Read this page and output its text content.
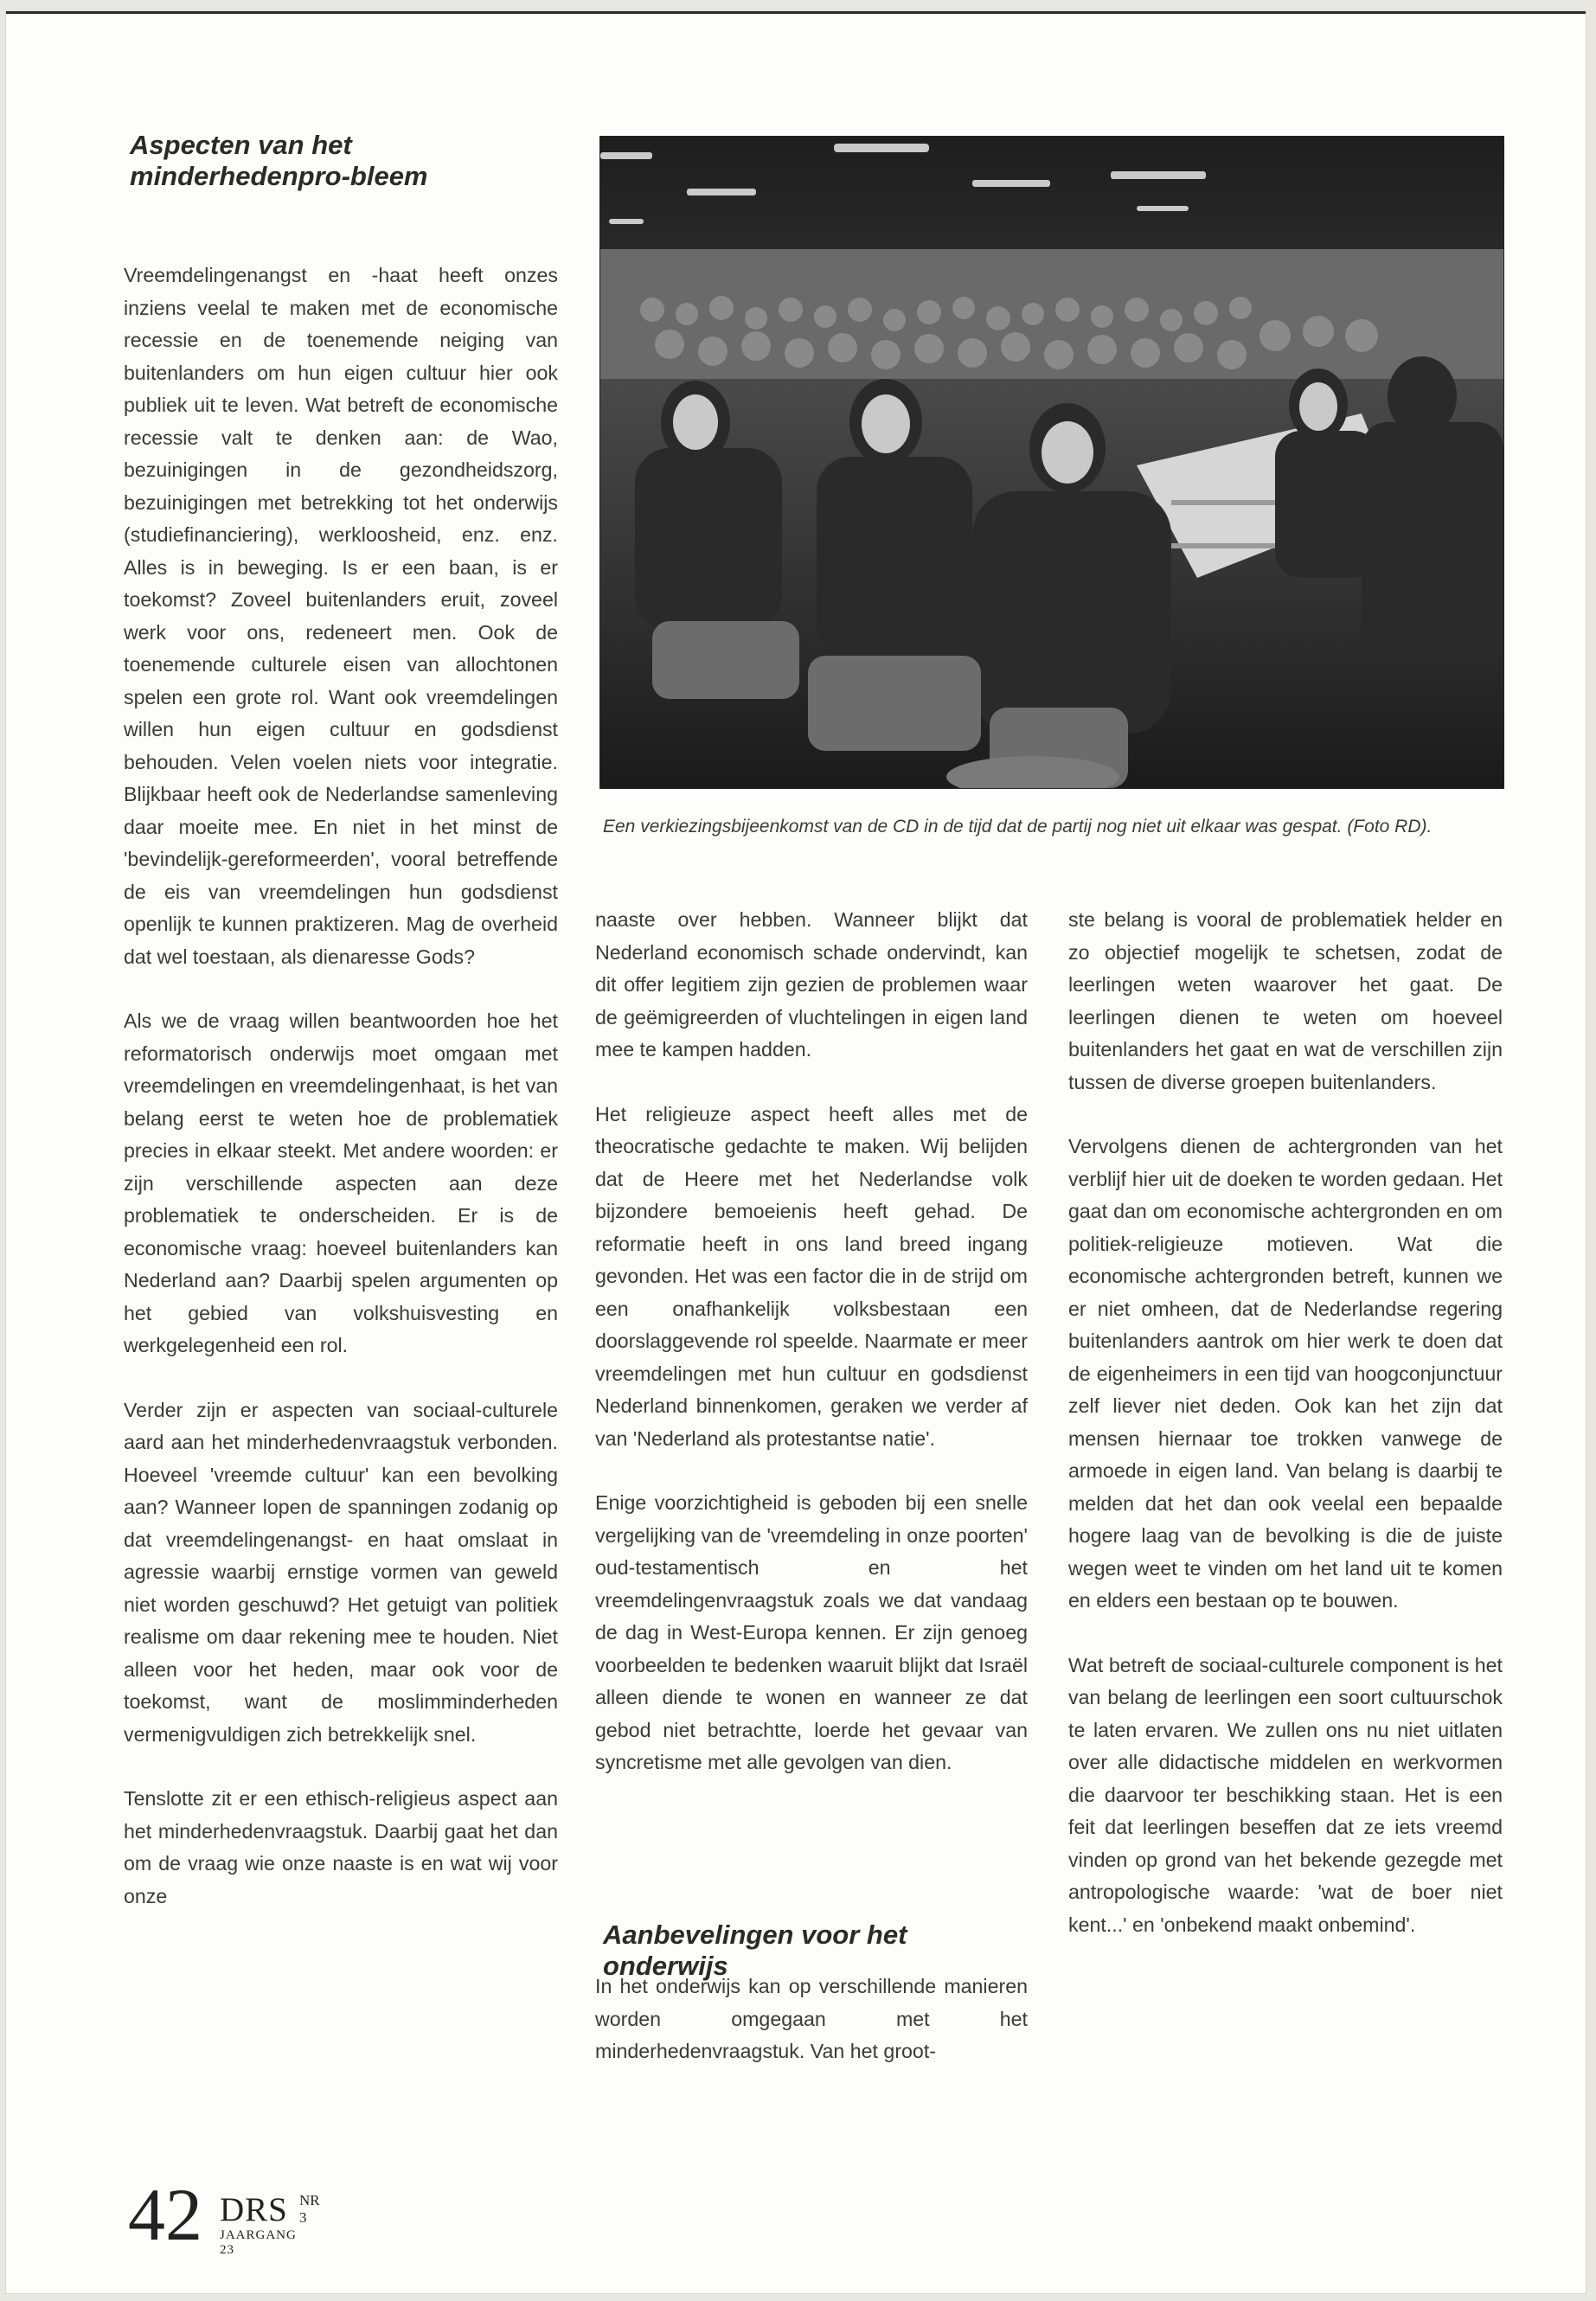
Aspecten van het minderhedenpro-bleem

Vreemdelingenangst en -haat heeft onzes inziens veelal te maken met de economische recessie en de toenemende neiging van buitenlanders om hun eigen cultuur hier ook publiek uit te leven. Wat betreft de economische recessie valt te denken aan: de Wao, bezuinigingen in de gezondheidszorg, bezuinigingen met betrekking tot het onderwijs (studiefinanciering), werkloosheid, enz. enz. Alles is in beweging. Is er een baan, is er toekomst? Zoveel buitenlanders eruit, zoveel werk voor ons, redeneert men. Ook de toenemende culturele eisen van allochtonen spelen een grote rol. Want ook vreemdelingen willen hun eigen cultuur en godsdienst behouden. Velen voelen niets voor integratie. Blijkbaar heeft ook de Nederlandse samenleving daar moeite mee. En niet in het minst de 'bevindelijk-gereformeerden', vooral betreffende de eis van vreemdelingen hun godsdienst openlijk te kunnen praktizeren. Mag de overheid dat wel toestaan, als dienaresse Gods?

Als we de vraag willen beantwoorden hoe het reformatorisch onderwijs moet omgaan met vreemdelingen en vreemdelingenhaat, is het van belang eerst te weten hoe de problematiek precies in elkaar steekt. Met andere woorden: er zijn verschillende aspecten aan deze problematiek te onderscheiden. Er is de economische vraag: hoeveel buitenlanders kan Nederland aan? Daarbij spelen argumenten op het gebied van volkshuisvesting en werkgelegenheid een rol.

Verder zijn er aspecten van sociaal-culturele aard aan het minderhedenvraagstuk verbonden. Hoeveel 'vreemde cultuur' kan een bevolking aan? Wanneer lopen de spanningen zodanig op dat vreemdelingenangst- en haat omslaat in agressie waarbij ernstige vormen van geweld niet worden geschuwd? Het getuigt van politiek realisme om daar rekening mee te houden. Niet alleen voor het heden, maar ook voor de toekomst, want de moslimminderheden vermenigvuldigen zich betrekkelijk snel.

Tenslotte zit er een ethisch-religieus aspect aan het minderhedenvraagstuk. Daarbij gaat het dan om de vraag wie onze naaste is en wat wij voor onze

Een verkiezingsbijeenkomst van de CD in de tijd dat de partij nog niet uit elkaar was gespat. (Foto RD).

naaste over hebben. Wanneer blijkt dat Nederland economisch schade ondervindt, kan dit offer legitiem zijn gezien de problemen waar de geëmigreerden of vluchtelingen in eigen land mee te kampen hadden.

Het religieuze aspect heeft alles met de theocratische gedachte te maken. Wij belijden dat de Heere met het Nederlandse volk bijzondere bemoeienis heeft gehad. De reformatie heeft in ons land breed ingang gevonden. Het was een factor die in de strijd om een onafhankelijk volksbestaan een doorslaggevende rol speelde. Naarmate er meer vreemdelingen met hun cultuur en godsdienst Nederland binnenkomen, geraken we verder af van 'Nederland als protestantse natie'.

Enige voorzichtigheid is geboden bij een snelle vergelijking van de 'vreemdeling in onze poorten' oud-testamentisch en het vreemdelingenvraagstuk zoals we dat vandaag de dag in West-Europa kennen. Er zijn genoeg voorbeelden te bedenken waaruit blijkt dat Israël alleen diende te wonen en wanneer ze dat gebod niet betrachtte, loerde het gevaar van syncretisme met alle gevolgen van dien.

Aanbevelingen voor het onderwijs

In het onderwijs kan op verschillende manieren worden omgegaan met het minderhedenvraagstuk. Van het groot-

ste belang is vooral de problematiek helder en zo objectief mogelijk te schetsen, zodat de leerlingen weten waarover het gaat. De leerlingen dienen te weten om hoeveel buitenlanders het gaat en wat de verschillen zijn tussen de diverse groepen buitenlanders.

Vervolgens dienen de achtergronden van het verblijf hier uit de doeken te worden gedaan. Het gaat dan om economische achtergronden en om politiek-religieuze motieven. Wat die economische achtergronden betreft, kunnen we er niet omheen, dat de Nederlandse regering buitenlanders aantrok om hier werk te doen dat de eigenheimers in een tijd van hoogconjunctuur zelf liever niet deden. Ook kan het zijn dat mensen hiernaar toe trokken vanwege de armoede in eigen land. Van belang is daarbij te melden dat het dan ook veelal een bepaalde hogere laag van de bevolking is die de juiste wegen weet te vinden om het land uit te komen en elders een bestaan op te bouwen.

Wat betreft de sociaal-culturele component is het van belang de leerlingen een soort cultuurschok te laten ervaren. We zullen ons nu niet uitlaten over alle didactische middelen en werkvormen die daarvoor ter beschikking staan. Het is een feit dat leerlingen beseffen dat ze iets vreemd vinden op grond van het bekende gezegde met antropologische waarde: 'wat de boer niet kent...' en 'onbekend maakt onbemind'.

42 DRS NR 3
JAARGANG 23
